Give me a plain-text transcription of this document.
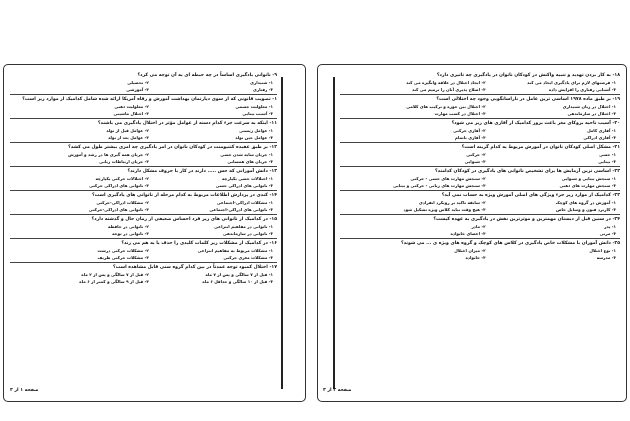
۹- ناتوانی یادگیری اساساً در چه حیطه ای به آن توجه می کرد؟
۱- شنیداری
۲- تحصیلی
۳- رفتاری
۴- آموزشی
۱- تصویب قانونی که از سوی دپارتمان بهداشت آموزش و رفاه آمریکا ارائه شده شامل کدامیک از موارد زیر است؟
۱- معلولیت جسمی
۲- معلولیت ذهنی
۳- آسیب بینایی
۴- اختلال ماشینی
۱۱- اینکه به سرعت جزء کدام دسته از عوامل مؤثر در اختلال یادگیری می باشند؟
۱- عوامل زیستی
۲- عوامل قبل از تولد
۳- عوامل حین تولد
۴- عوامل بعد از تولد
۱۲- بر طبق عقیده کتنیومنت در کودکان ناتوان در امر یادگیری چه امری بیشتر طول می کشد؟
۱- جریان سایه شدن حسی
۲- جریان همه گیری ها در رشد و آموزش
۳- جریان های همسانی
۴- جریان ارتباطات زبانی
۱۳- دانش آموزانی که حس ..... دارند در کار با حروف مشکل دارند؟
۱- اختلالات حسی یکپارچه
۲- اختلالات حرکتی یکپارچه
۳- ناتوانی های ادراکی حسی
۴- ناتوانی های ادراکی حرکتی
۱۴- کندی در پردازش اطلاعات مربوط به کدام مرحله از ناتوانی های یادگیری است؟
۱- مشکلات ادراکی-اجتماعی
۲- مشکلات ادراکی-حرکتی
۳- ناتوانی های ادراکی-اجتماعی
۴- ناتوانی های ادراکی-حرکتی
۱۵- در کدامیک از ناتوانی های زیر فرد احساس ضعیفی از زمان حال و گذشته دارد؟
۱- ناتوانی در مفاهیم انتزاعی
۲- ناتوانی در حافظه
۳- ناتوانی در سازماندهی
۴- ناتوانی در توجه
۱۶- در کدامیک از مشکلات زیر کلمات کلیدی را حذف یا به هم می زند؟
۱- مشکلات مربوط به مفاهیم انتزاعی
۲- مشکلات حرکتی درشت
۳- مشکلات مغزی حرکتی
۴- مشکلات حرکتی ظریف
۱۷- اختلال کمبود توجه عمدتاً در بین کدام گروه سنی قابل مشاهده است؟
۱- قبل از ۷ سالگی و پس از ۷ ماه
۲- قبل از ۷ سالگی و پس از ۲ ماه
۳- قبل از ۱۰ سالگی و حداقل ۶ ماه
۴- قبل از ۹ سالگی و کمتر از ۶ ماه
صفحه ۱ از ۳
۱۸- به کار بردن تهدید و تنبیه واکنش در کودکان ناتوان در یادگیری چه تاثیری دارد؟
۱- فرصتهای لازم برای یادگیری ایجاد می کند
۲- ایجاد اختلال در علاقه وانگیزه می کند
۳- آشنایی رفتاری را افزایش داده
۴- اصلاح پذیری آنان را ترمیم می کند
۱۹- بر طبق ماده ۱۹۷۸ اساسی ترین عامل در ناراسانگویی وجود چه اختلالی است؟
۱- اختلال در زبان شنیداری
۲- اختلال بین حوزه و ترکیب های کلامی
۳- اختلال در سازماندهی
۴- اختلال در کسب مهارت
۲۰- آسیب ناحیه بروکای مغز باعث بروز کدامیک از آفازی های زیر می شود؟
۱- آفازی کامل
۲- آفازی حرکتی
۳- آفازی ادراکی
۴- آفازی ناتمام
۲۱- مشکل اصلی کودکان ناتوان در آموزش مربوط به کدام گزینه است؟
۱- حسی
۲- حرکتی
۳- بینایی
۴- شنوایی
۲۲- اساسی ترین آزمایش ها برای تشخیص ناتوانی های یادگیری در کودکان کدامند؟
۱- سنجش بینایی و شنوایی
۲- سنجش مهارت های حسی - حرکتی
۳- سنجش مهارت های ذهنی
۴- سنجش مهارت های زبانی - حرکتی و بینایی
۲۳- کدامیک از موارد زیر جزء ویژگی های اصلی آموزش ویژه به حساب نمی آید؟
۱- آموزش در گروه های کوچک
۲- سابقه تاکید بر رویکرد انفرادی
۳- کاربرد فنون و وسایل خاص
۴- هیچ وقت نباید کلاس ویژه تشکیل شود
۲۴- در سنین قبل از دبستان مهمترین و موثرترین نقش در یادگیری به عهده کیست؟
۱- پدر
۲- مادر
۳- مربی
۴- اعضای خانواده
۲۵- دانش آموزان با مشکلات خاص یادگیری در کلاس های کوچک و گروه های ویژه ی ... می شوند؟
۱- نوع اختلال
۲- میزان اختلال
۳- مدرسه
۴- خانواده
صفحه ۲ از ۳
